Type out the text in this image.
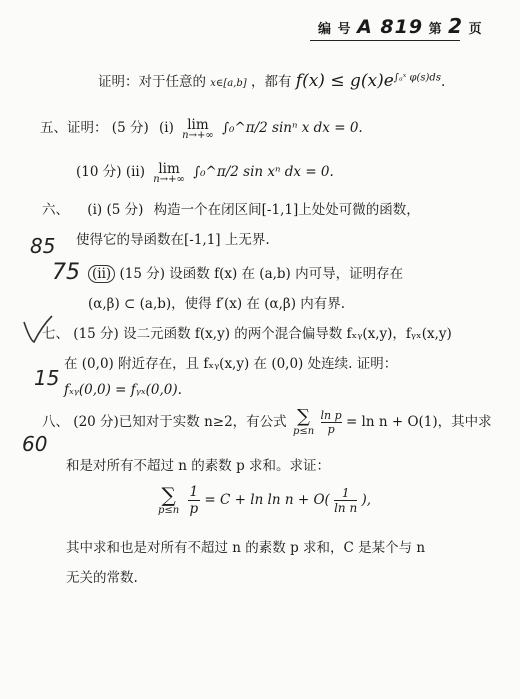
编 号 A 819 第 2 页
证明：对于任意的 x∈[a,b] ，都有 $f(x) \le g(x)e^{\int_aˣ \varphi(s)ds}$.
五、证明： (5 分) (i) lim
n→+∞ ∫₀^π/2 sinⁿ x dx = 0.
(10 分) (ii) lim
n→+∞ ∫₀^π/2 sin xⁿ dx = 0.
六、 (i) (5 分) 构造一个在闭区间[-1,1]上处处可微的函数，
使得它的导函数在[-1,1] 上无界.
85
75 (ii) (15 分) 设函数 f(x) 在 (a,b) 内可导，证明存在
(α,β) ⊂ (a,b)，使得 f′(x) 在 (α,β) 内有界.
七、 (15 分) 设二元函数 f(x,y) 的两个混合偏导数 fₓᵧ(x,y)，fᵧₓ(x,y)
在 (0,0) 附近存在，且 fₓᵧ(x,y) 在 (0,0) 处连续. 证明：
15 fₓᵧ(0,0) = fᵧₓ(0,0).
八、 (20 分)已知对于实数 n≥2，有公式 ∑
p≤n
$\frac{\text{ln p}}{p} = \ln n + O(1)$，其中求
60
和是对所有不超过 n 的素数 p 求和。求证：
∑
p≤n
$\frac{1}{p} = C + \ln \ln n + O( \frac{1}{\text{ln n}}$ ),
其中求和也是对所有不超过 n 的素数 p 求和，C 是某个与 n
无关的常数.
